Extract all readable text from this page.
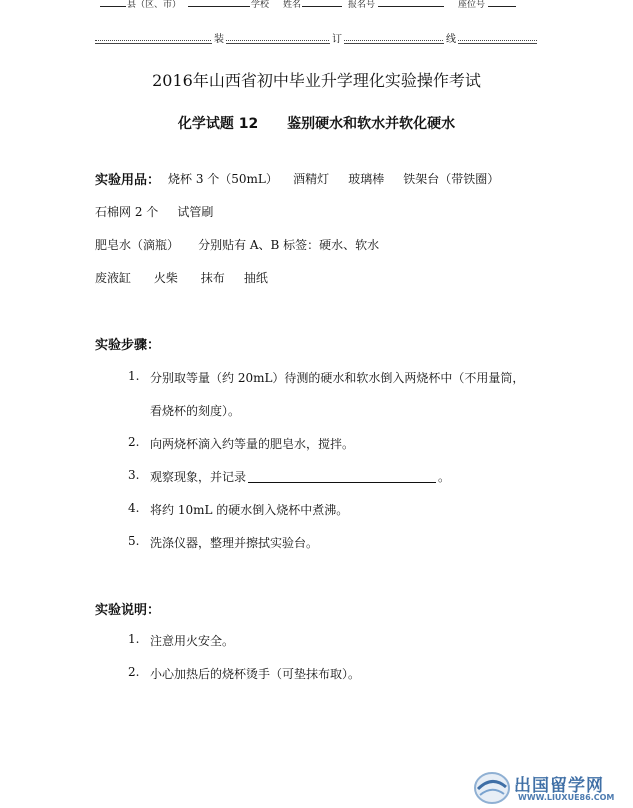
县（区、市）	学校 姓名	报名号	座位号
装	订	线
2016年山西省初中毕业升学理化实验操作考试
化学试题 12 鉴别硬水和软水并软化硬水
实验用品： 烧杯 3 个（50mL）    酒精灯     玻璃棒     铁架台（带铁圈）
石棉网 2 个     试管刷
肥皂水（滴瓶）     分别贴有 A、B 标签：硬水、软水
废液缸      火柴      抹布     抽纸
实验步骤：
1. 分别取等量（约 20mL）待测的硬水和软水倒入两烧杯中（不用量筒，
看烧杯的刻度）。
2. 向两烧杯滴入约等量的肥皂水，搅拌。
3. 观察现象，并记录	。
4. 将约 10mL 的硬水倒入烧杯中煮沸。
5. 洗涤仪器，整理并擦拭实验台。
实验说明：
1. 注意用火安全。
2. 小心加热后的烧杯烫手（可垫抹布取）。
出国留学网
WWW.LIUXUE86.COM
